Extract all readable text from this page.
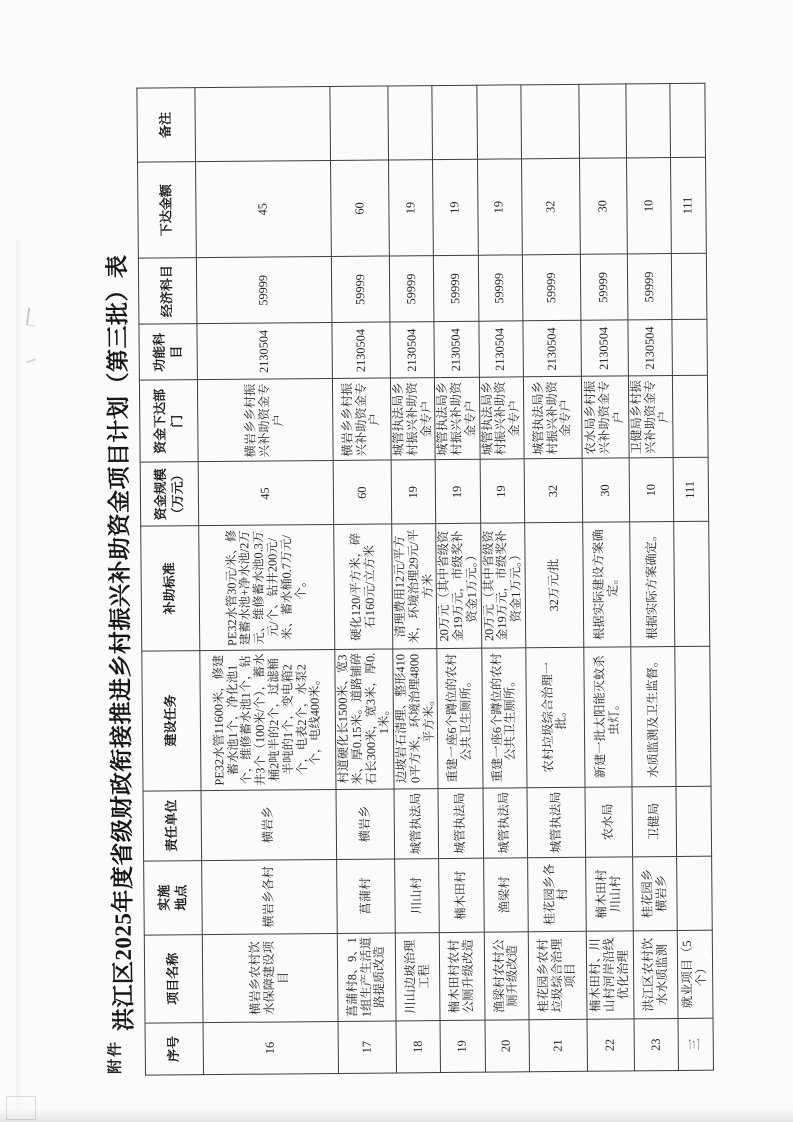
附件
洪江区2025年度省级财政衔接推进乡村振兴补助资金项目计划（第三批）表
序号	项目名称	实施
地点	责任单位	建设任务	补助标准	资金规模
（万元）	资金下达部门	功能科目	经济科目	下达金额	备注
16	横岩乡农村饮水保障建设项目	横岩乡各村	横岩乡	PE32水管11600米，修建蓄水池1个，净化池1个，维修蓄水池1个，钻井3个（100米/个），蓄水桶2吨半的2个，过滤桶半吨的1个，变电箱2个，电表2个，水泵2个，电线400米。	PE32水管30元/米、修建蓄水池+净水池/2万元、维修蓄水池0.3万元/个、钻井200元/米、蓄水桶0.7万元/个。	45	横岩乡乡村振兴补助资金专户	2130504	59999	45	
17	菖蒲村8、9、11组生产生活道路提质改造	菖蒲村	横岩乡	村道硬化长1500米、宽3米、厚0.15米。道路铺碎石长300米，宽3米，厚0.1米。	硬化120/平方米，碎石160元/立方米	60	横岩乡乡村振兴补助资金专户	2130504	59999	60	
18	川山边坡治理工程	川山村	城管执法局	边坡岩石清理、整形4100平方米，环境治理4800平方米。	清理费用12元/平方米，环境治理29元/平方米	19	城管执法局乡村振兴补助资金专户	2130504	59999	19	
19	楠木田村农村公厕升级改造	楠木田村	城管执法局	重建一座6个蹲位的农村公共卫生厕所。	20万元（其中省级资金19万元，市级奖补资金1万元。）	19	城管执法局乡村振兴补助资金专户	2130504	59999	19	
20	渔梁村农村公厕升级改造	渔梁村	城管执法局	重建一座6个蹲位的农村公共卫生厕所。	20万元（其中省级资金19万元，市级奖补资金1万元。）	19	城管执法局乡村振兴补助资金专户	2130504	59999	19	
21	桂花园乡农村垃圾综合治理项目	桂花园乡各村	城管执法局	农村垃圾综合治理一批。	32万元/批	32	城管执法局乡村振兴补助资金专户	2130504	59999	32	
22	楠木田村、川山村河岸沿线优化治理	楠木田村
川山村	农水局	新建一批太阳能灭蚊杀虫灯。	根据实际建设方案确定。	30	农水局乡村振兴补助资金专户	2130504	59999	30	
23	洪江区农村饮水水质监测	桂花园乡
横岩乡	卫健局	水质监测及卫生监督。	根据实际方案确定。	10	卫健局乡村振兴补助资金专户	2130504	59999	10	
三	就业项目（5个）					111				111	
